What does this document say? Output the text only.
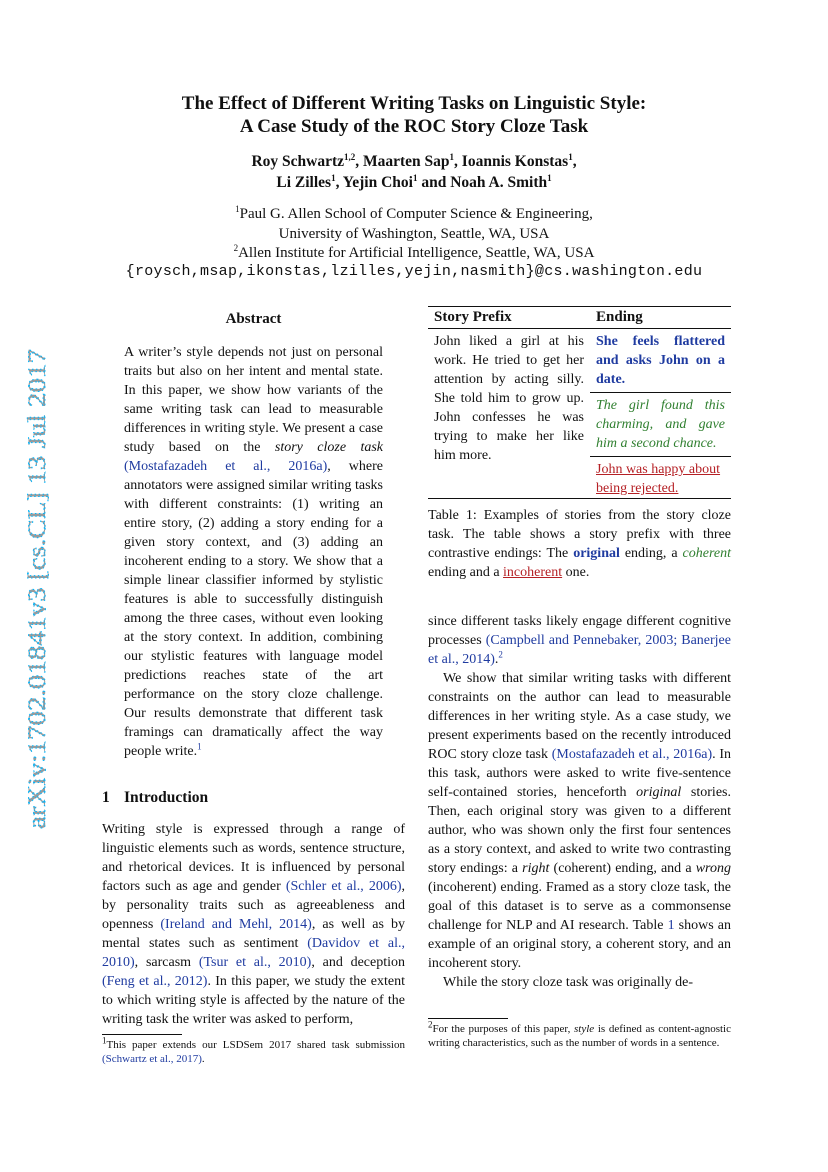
arXiv:1702.01841v3 [cs.CL] 13 Jul 2017
The Effect of Different Writing Tasks on Linguistic Style:
A Case Study of the ROC Story Cloze Task
Roy Schwartz$^{1,2}$, Maarten Sap$^1$, Ioannis Konstas$^1$,
Li Zilles$^1$, Yejin Choi$^1$ and Noah A. Smith$^1$
$^1$Paul G. Allen School of Computer Science & Engineering,
University of Washington, Seattle, WA, USA
$^2$Allen Institute for Artificial Intelligence, Seattle, WA, USA
{roysch,msap,ikonstas,lzilles,yejin,nasmith}@cs.washington.edu
Abstract
A writer’s style depends not just on personal traits but also on her intent and mental state. In this paper, we show how variants of the same writing task can lead to measurable differences in writing style. We present a case study based on the story cloze task (Mostafazadeh et al., 2016a), where annotators were assigned similar writing tasks with different constraints: (1) writing an entire story, (2) adding a story ending for a given story context, and (3) adding an incoherent ending to a story. We show that a simple linear classifier informed by stylistic features is able to successfully distinguish among the three cases, without even looking at the story context. In addition, combining our stylistic features with language model predictions reaches state of the art performance on the story cloze challenge. Our results demonstrate that different task framings can dramatically affect the way people write.$^1$
1 Introduction
Writing style is expressed through a range of linguistic elements such as words, sentence structure, and rhetorical devices. It is influenced by personal factors such as age and gender (Schler et al., 2006), by personality traits such as agreeableness and openness (Ireland and Mehl, 2014), as well as by mental states such as sentiment (Davidov et al., 2010), sarcasm (Tsur et al., 2010), and deception (Feng et al., 2012). In this paper, we study the extent to which writing style is affected by the nature of the writing task the writer was asked to perform,
$^1$This paper extends our LSDSem 2017 shared task submission (Schwartz et al., 2017).
Story Prefix	Ending
John liked a girl at his work. He tried to get her attention by acting silly. She told him to grow up. John confesses he was trying to make her like him more.	She feels flattered and asks John on a date.
	The girl found this charming, and gave him a second chance.
	John was happy about being rejected.
Table 1: Examples of stories from the story cloze task. The table shows a story prefix with three contrastive endings: The original ending, a coherent ending and a incoherent one.

since different tasks likely engage different cognitive processes (Campbell and Pennebaker, 2003; Banerjee et al., 2014).$^2$

We show that similar writing tasks with different constraints on the author can lead to measurable differences in her writing style. As a case study, we present experiments based on the recently introduced ROC story cloze task (Mostafazadeh et al., 2016a). In this task, authors were asked to write five-sentence self-contained stories, henceforth original stories. Then, each original story was given to a different author, who was shown only the first four sentences as a story context, and asked to write two contrasting story endings: a right (coherent) ending, and a wrong (incoherent) ending. Framed as a story cloze task, the goal of this dataset is to serve as a commonsense challenge for NLP and AI research. Table 1 shows an example of an original story, a coherent story, and an incoherent story.

While the story cloze task was originally de-

$^2$For the purposes of this paper, style is defined as content-agnostic writing characteristics, such as the number of words in a sentence.
